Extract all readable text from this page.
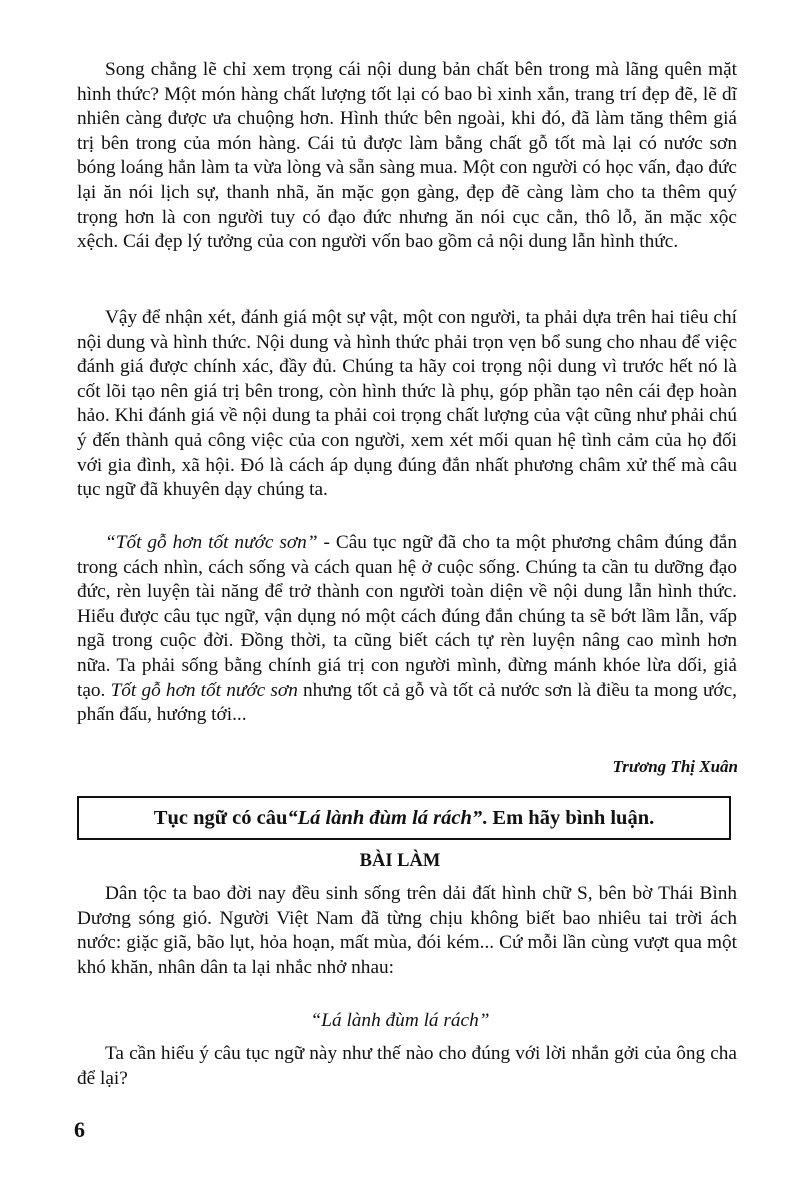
Song chẳng lẽ chỉ xem trọng cái nội dung bản chất bên trong mà lãng quên mặt hình thức? Một món hàng chất lượng tốt lại có bao bì xinh xắn, trang trí đẹp đẽ, lẽ dĩ nhiên càng được ưa chuộng hơn. Hình thức bên ngoài, khi đó, đã làm tăng thêm giá trị bên trong của món hàng. Cái tủ được làm bằng chất gỗ tốt mà lại có nước sơn bóng loáng hẳn làm ta vừa lòng và sẵn sàng mua. Một con người có học vấn, đạo đức lại ăn nói lịch sự, thanh nhã, ăn mặc gọn gàng, đẹp đẽ càng làm cho ta thêm quý trọng hơn là con người tuy có đạo đức nhưng ăn nói cục cằn, thô lỗ, ăn mặc xộc xệch. Cái đẹp lý tưởng của con người vốn bao gồm cả nội dung lẫn hình thức.

Vậy để nhận xét, đánh giá một sự vật, một con người, ta phải dựa trên hai tiêu chí nội dung và hình thức. Nội dung và hình thức phải trọn vẹn bổ sung cho nhau để việc đánh giá được chính xác, đầy đủ. Chúng ta hãy coi trọng nội dung vì trước hết nó là cốt lõi tạo nên giá trị bên trong, còn hình thức là phụ, góp phần tạo nên cái đẹp hoàn hảo. Khi đánh giá về nội dung ta phải coi trọng chất lượng của vật cũng như phải chú ý đến thành quả công việc của con người, xem xét mối quan hệ tình cảm của họ đối với gia đình, xã hội. Đó là cách áp dụng đúng đắn nhất phương châm xử thế mà câu tục ngữ đã khuyên dạy chúng ta.

“Tốt gỗ hơn tốt nước sơn” - Câu tục ngữ đã cho ta một phương châm đúng đắn trong cách nhìn, cách sống và cách quan hệ ở cuộc sống. Chúng ta cần tu dưỡng đạo đức, rèn luyện tài năng để trở thành con người toàn diện về nội dung lẫn hình thức. Hiểu được câu tục ngữ, vận dụng nó một cách đúng đắn chúng ta sẽ bớt lầm lẫn, vấp ngã trong cuộc đời. Đồng thời, ta cũng biết cách tự rèn luyện nâng cao mình hơn nữa. Ta phải sống bằng chính giá trị con người mình, đừng mánh khóe lừa dối, giả tạo. Tốt gỗ hơn tốt nước sơn nhưng tốt cả gỗ và tốt cả nước sơn là điều ta mong ước, phấn đấu, hướng tới...

Trương Thị Xuân
Tục ngữ có câu “Lá lành đùm lá rách” . Em hãy bình luận.
BÀI LÀM

Dân tộc ta bao đời nay đều sinh sống trên dải đất hình chữ S, bên bờ Thái Bình Dương sóng gió. Người Việt Nam đã từng chịu không biết bao nhiêu tai trời ách nước: giặc giã, bão lụt, hỏa hoạn, mất mùa, đói kém... Cứ mỗi lần cùng vượt qua một khó khăn, nhân dân ta lại nhắc nhở nhau:

“Lá lành đùm lá rách”

Ta cần hiểu ý câu tục ngữ này như thế nào cho đúng với lời nhắn gởi của ông cha để lại?

6
